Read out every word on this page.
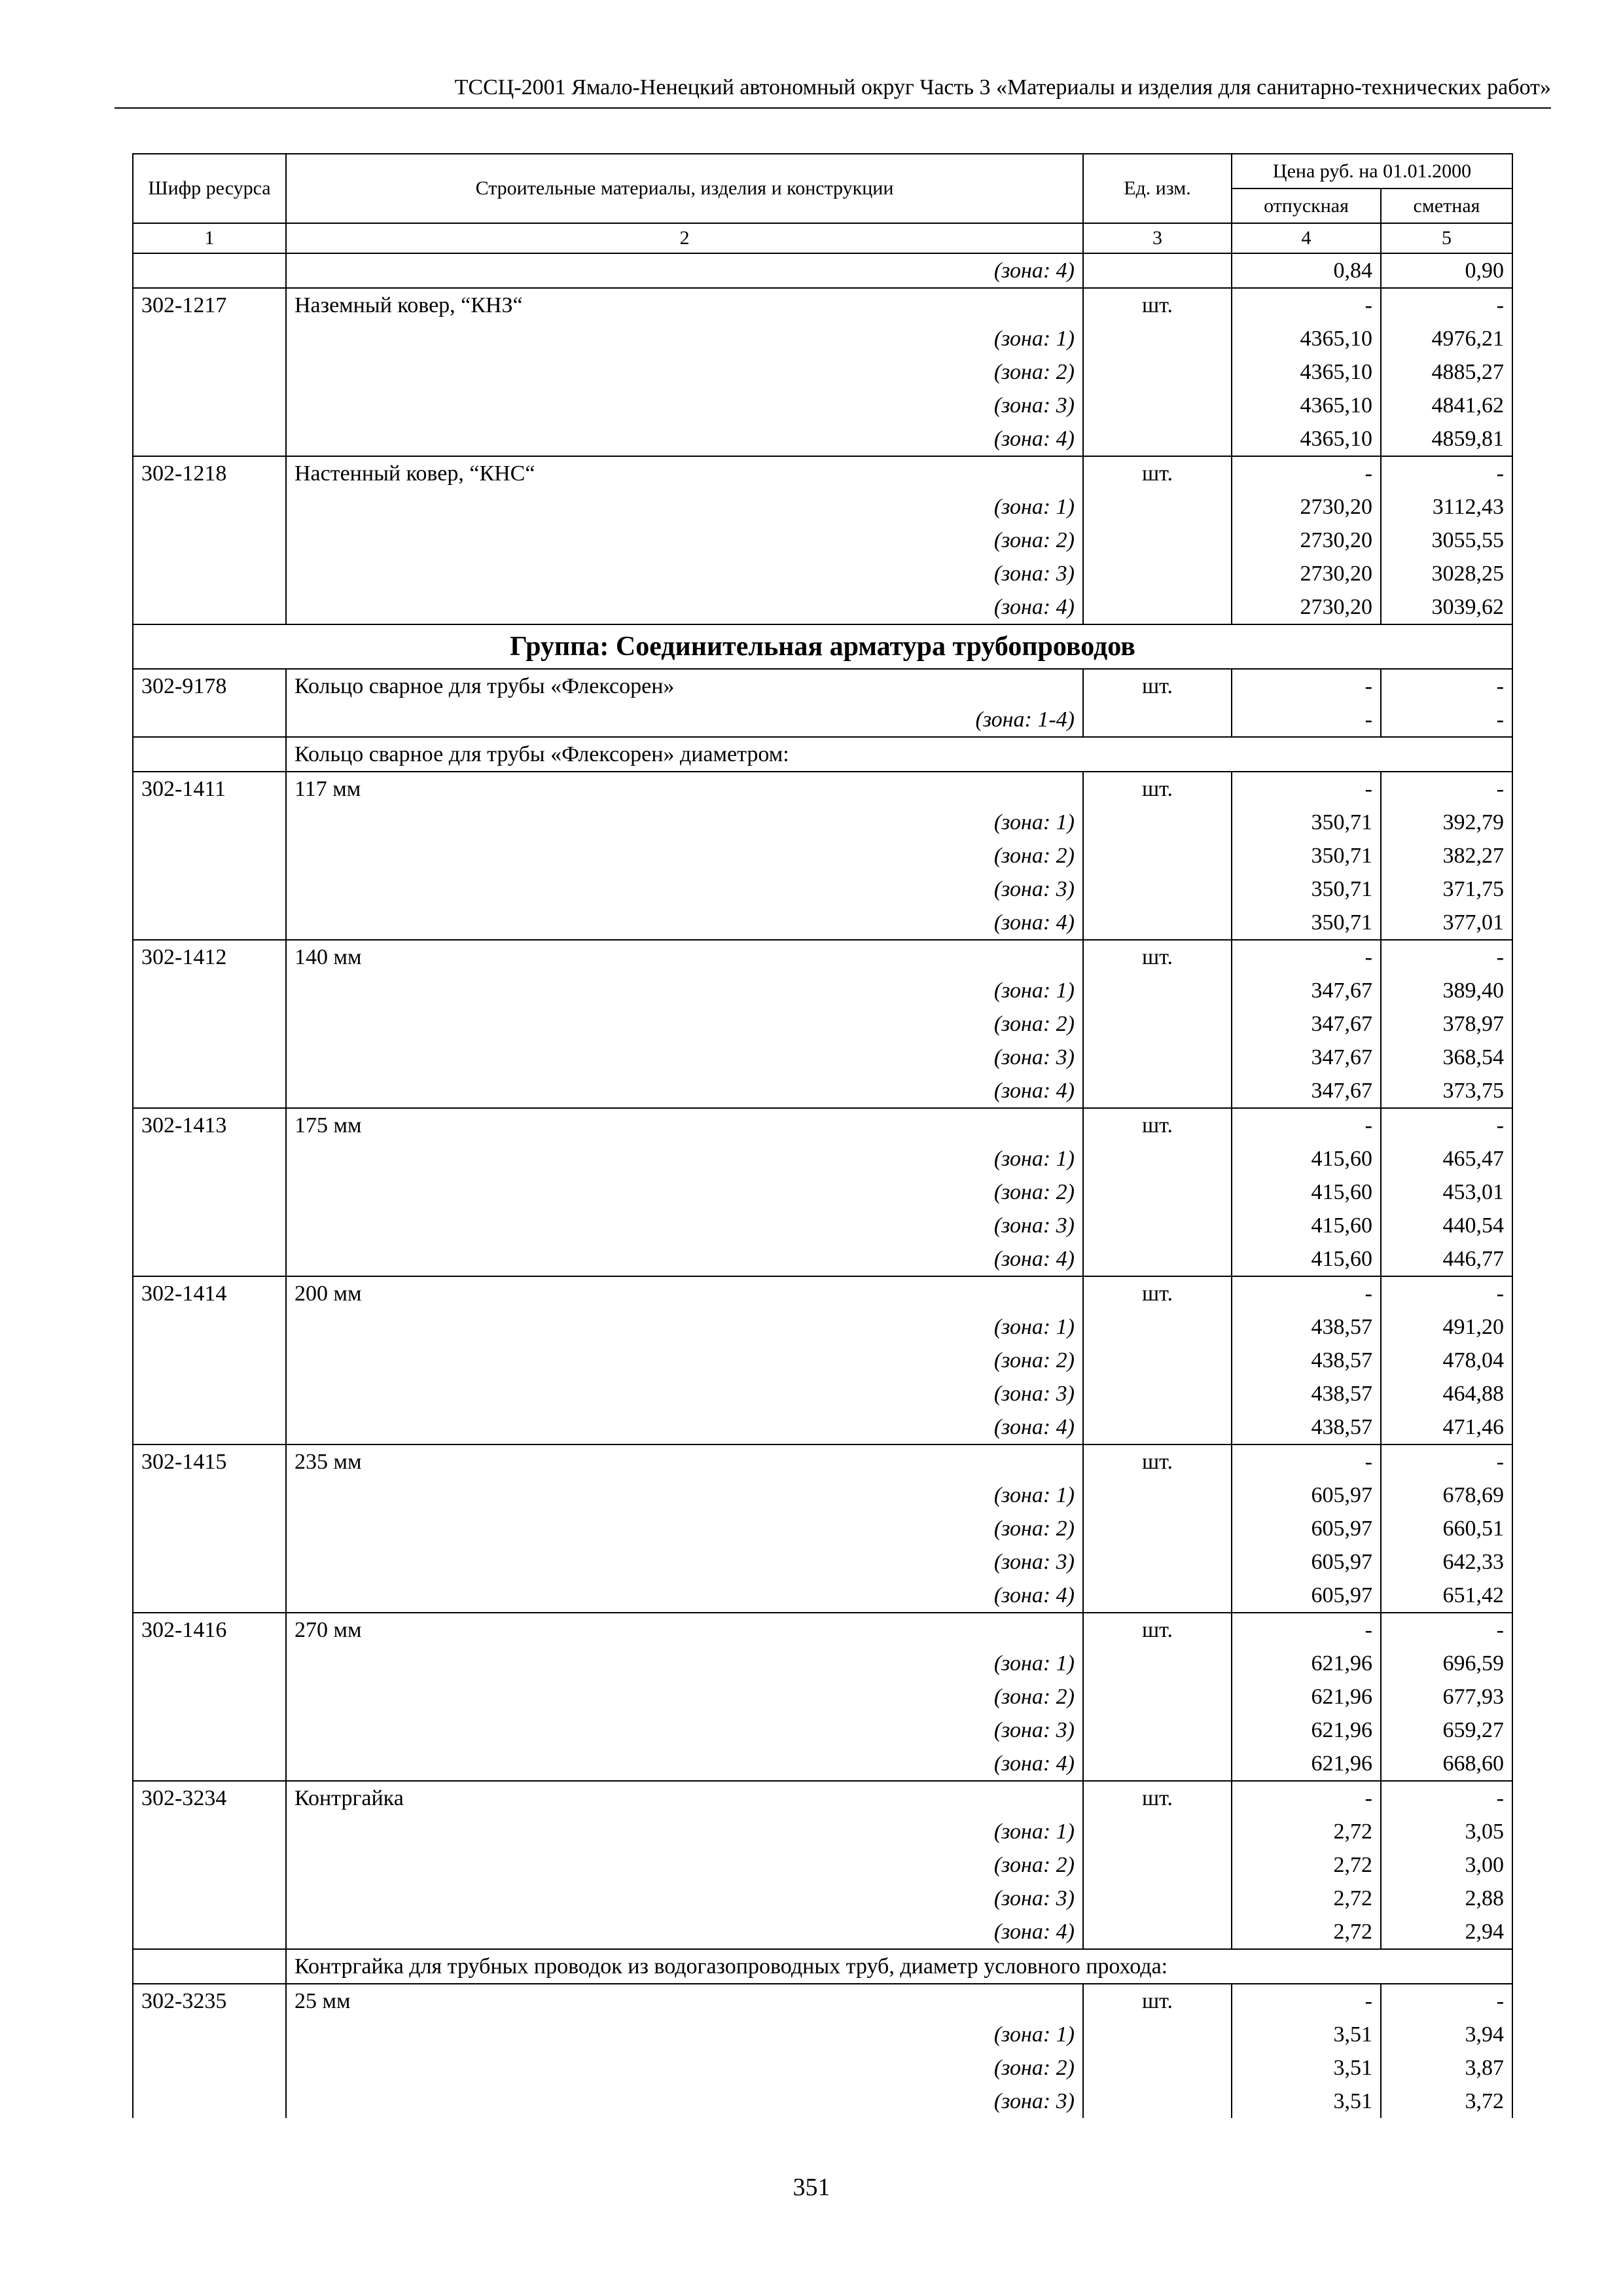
ТССЦ-2001 Ямало-Ненецкий автономный округ Часть 3 «Материалы и изделия для санитарно-технических работ»
Шифр ресурса	Строительные материалы, изделия и конструкции	Ед. изм.	Цена руб. на 01.01.2000	
			отпускная	сметная
1	2	3	4	5
	(зона: 4)		0,84	0,90
302-1217	Наземный ковер, “КНЗ“	шт.	-	-
	(зона: 1)		4365,10	4976,21
	(зона: 2)		4365,10	4885,27
	(зона: 3)		4365,10	4841,62
	(зона: 4)		4365,10	4859,81
302-1218	Настенный ковер, “КНС“	шт.	-	-
	(зона: 1)		2730,20	3112,43
	(зона: 2)		2730,20	3055,55
	(зона: 3)		2730,20	3028,25
	(зона: 4)		2730,20	3039,62
Группа: Соединительная арматура трубопроводов				
302-9178	Кольцо сварное для трубы «Флексорен»	шт.	-	-
	(зона: 1-4)		-	-
	Кольцо сварное для трубы «Флексорен» диаметром:			
302-1411	117 мм	шт.	-	-
	(зона: 1)		350,71	392,79
	(зона: 2)		350,71	382,27
	(зона: 3)		350,71	371,75
	(зона: 4)		350,71	377,01
302-1412	140 мм	шт.	-	-
	(зона: 1)		347,67	389,40
	(зона: 2)		347,67	378,97
	(зона: 3)		347,67	368,54
	(зона: 4)		347,67	373,75
302-1413	175 мм	шт.	-	-
	(зона: 1)		415,60	465,47
	(зона: 2)		415,60	453,01
	(зона: 3)		415,60	440,54
	(зона: 4)		415,60	446,77
302-1414	200 мм	шт.	-	-
	(зона: 1)		438,57	491,20
	(зона: 2)		438,57	478,04
	(зона: 3)		438,57	464,88
	(зона: 4)		438,57	471,46
302-1415	235 мм	шт.	-	-
	(зона: 1)		605,97	678,69
	(зона: 2)		605,97	660,51
	(зона: 3)		605,97	642,33
	(зона: 4)		605,97	651,42
302-1416	270 мм	шт.	-	-
	(зона: 1)		621,96	696,59
	(зона: 2)		621,96	677,93
	(зона: 3)		621,96	659,27
	(зона: 4)		621,96	668,60
302-3234	Контргайка	шт.	-	-
	(зона: 1)		2,72	3,05
	(зона: 2)		2,72	3,00
	(зона: 3)		2,72	2,88
	(зона: 4)		2,72	2,94
	Контргайка для трубных проводок из водогазопроводных труб, диаметр условного прохода:			
302-3235	25 мм	шт.	-	-
	(зона: 1)		3,51	3,94
	(зона: 2)		3,51	3,87
	(зона: 3)		3,51	3,72
351
